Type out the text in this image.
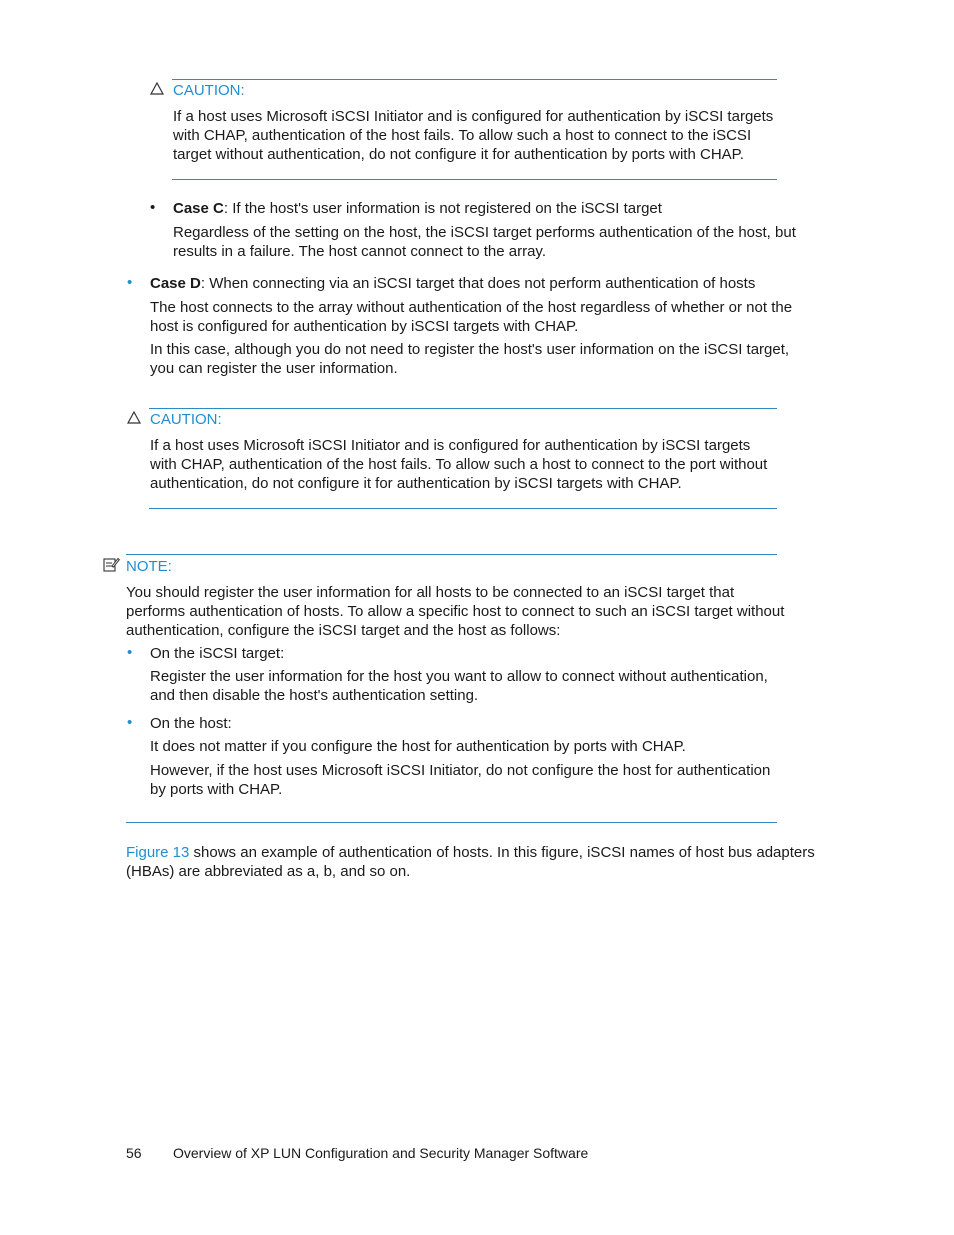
CAUTION:

If a host uses Microsoft iSCSI Initiator and is configured for authentication by iSCSI targets with CHAP, authentication of the host fails. To allow such a host to connect to the iSCSI target without authentication, do not configure it for authentication by ports with CHAP.

• Case C: If the host's user information is not registered on the iSCSI target

Regardless of the setting on the host, the iSCSI target performs authentication of the host, but results in a failure. The host cannot connect to the array.

• Case D: When connecting via an iSCSI target that does not perform authentication of hosts

The host connects to the array without authentication of the host regardless of whether or not the host is configured for authentication by iSCSI targets with CHAP.

In this case, although you do not need to register the host's user information on the iSCSI target, you can register the user information.

CAUTION:

If a host uses Microsoft iSCSI Initiator and is configured for authentication by iSCSI targets with CHAP, authentication of the host fails. To allow such a host to connect to the port without authentication, do not configure it for authentication by iSCSI targets with CHAP.

NOTE:

You should register the user information for all hosts to be connected to an iSCSI target that performs authentication of hosts. To allow a specific host to connect to such an iSCSI target without authentication, configure the iSCSI target and the host as follows:

• On the iSCSI target:

Register the user information for the host you want to allow to connect without authentication, and then disable the host's authentication setting.

• On the host:

It does not matter if you configure the host for authentication by ports with CHAP.

However, if the host uses Microsoft iSCSI Initiator, do not configure the host for authentication by ports with CHAP.

Figure 13 shows an example of authentication of hosts. In this figure, iSCSI names of host bus adapters (HBAs) are abbreviated as a, b, and so on.

56 Overview of XP LUN Configuration and Security Manager Software
